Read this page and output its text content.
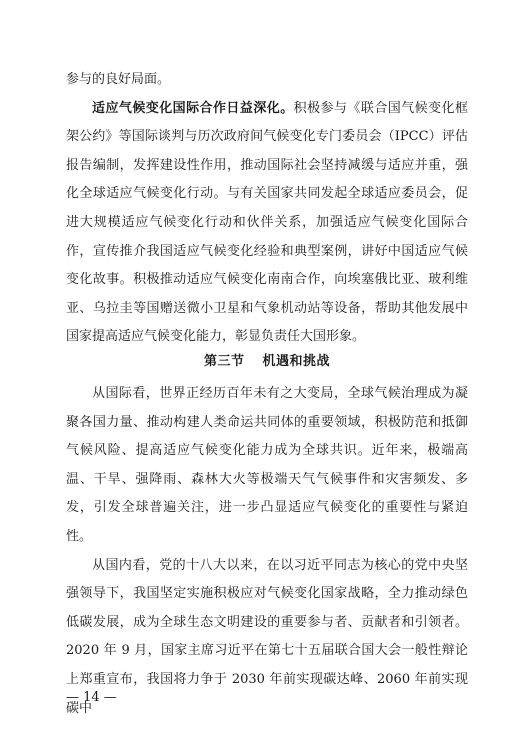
参与的良好局面。

适应气候变化国际合作日益深化。积极参与《联合国气候变化框架公约》等国际谈判与历次政府间气候变化专门委员会（IPCC）评估报告编制，发挥建设性作用，推动国际社会坚持减缓与适应并重，强化全球适应气候变化行动。与有关国家共同发起全球适应委员会，促进大规模适应气候变化行动和伙伴关系，加强适应气候变化国际合作，宣传推介我国适应气候变化经验和典型案例，讲好中国适应气候变化故事。积极推动适应气候变化南南合作，向埃塞俄比亚、玻利维亚、乌拉圭等国赠送微小卫星和气象机动站等设备，帮助其他发展中国家提高适应气候变化能力，彰显负责任大国形象。

第三节 机遇和挑战

从国际看，世界正经历百年未有之大变局，全球气候治理成为凝聚各国力量、推动构建人类命运共同体的重要领域，积极防范和抵御气候风险、提高适应气候变化能力成为全球共识。近年来，极端高温、干旱、强降雨、森林大火等极端天气气候事件和灾害频发、多发，引发全球普遍关注，进一步凸显适应气候变化的重要性与紧迫性。

从国内看，党的十八大以来，在以习近平同志为核心的党中央坚强领导下，我国坚定实施积极应对气候变化国家战略，全力推动绿色低碳发展，成为全球生态文明建设的重要参与者、贡献者和引领者。2020 年 9 月，国家主席习近平在第七十五届联合国大会一般性辩论上郑重宣布，我国将力争于 2030 年前实现碳达峰、2060 年前实现碳中

— 14 —
